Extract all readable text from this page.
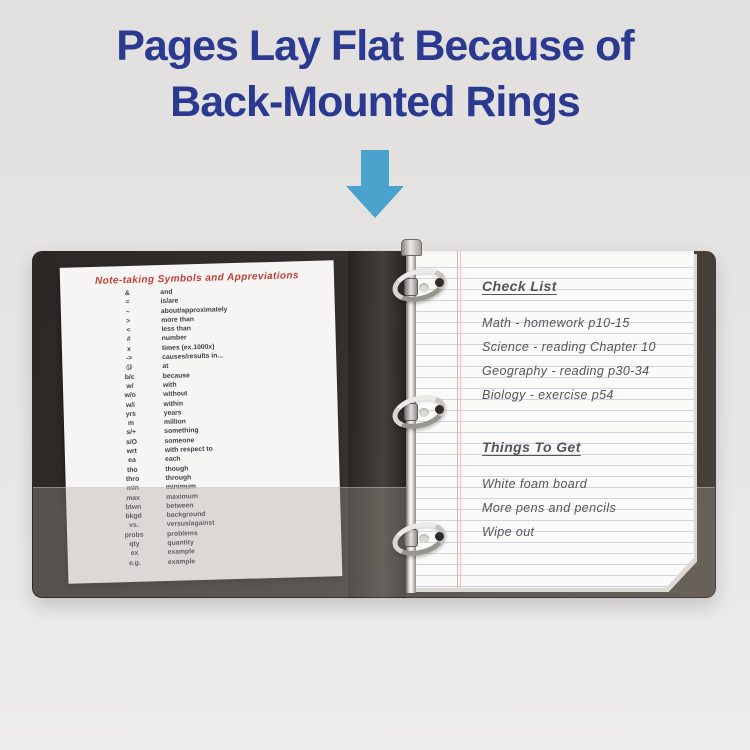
Pages Lay Flat Because of
Back-Mounted Rings
Note-taking Symbols and Appreviations
&	and
=	is/are
~	about/approximately
>	more than
<	less than
#	number
x	times (ex.1000x)
->	causes/results in...
@	at
b/c	because
w/	with
w/o	without
w/i	within
yrs	years
m	million
s/+	something
s/O	someone
wrt	with respect to
ea	each
tho	though
thro	through
min	minimum
max	maximum
btwn	between
bkgd	background
vs.	versus/against
probs	problems
qty	quantity
ex	example
e.g.	example
Check List
Math - homework p10-15
Science - reading Chapter 10
Geography - reading p30-34
Biology - exercise p54
Things To Get
White foam board
More pens and pencils
Wipe out
